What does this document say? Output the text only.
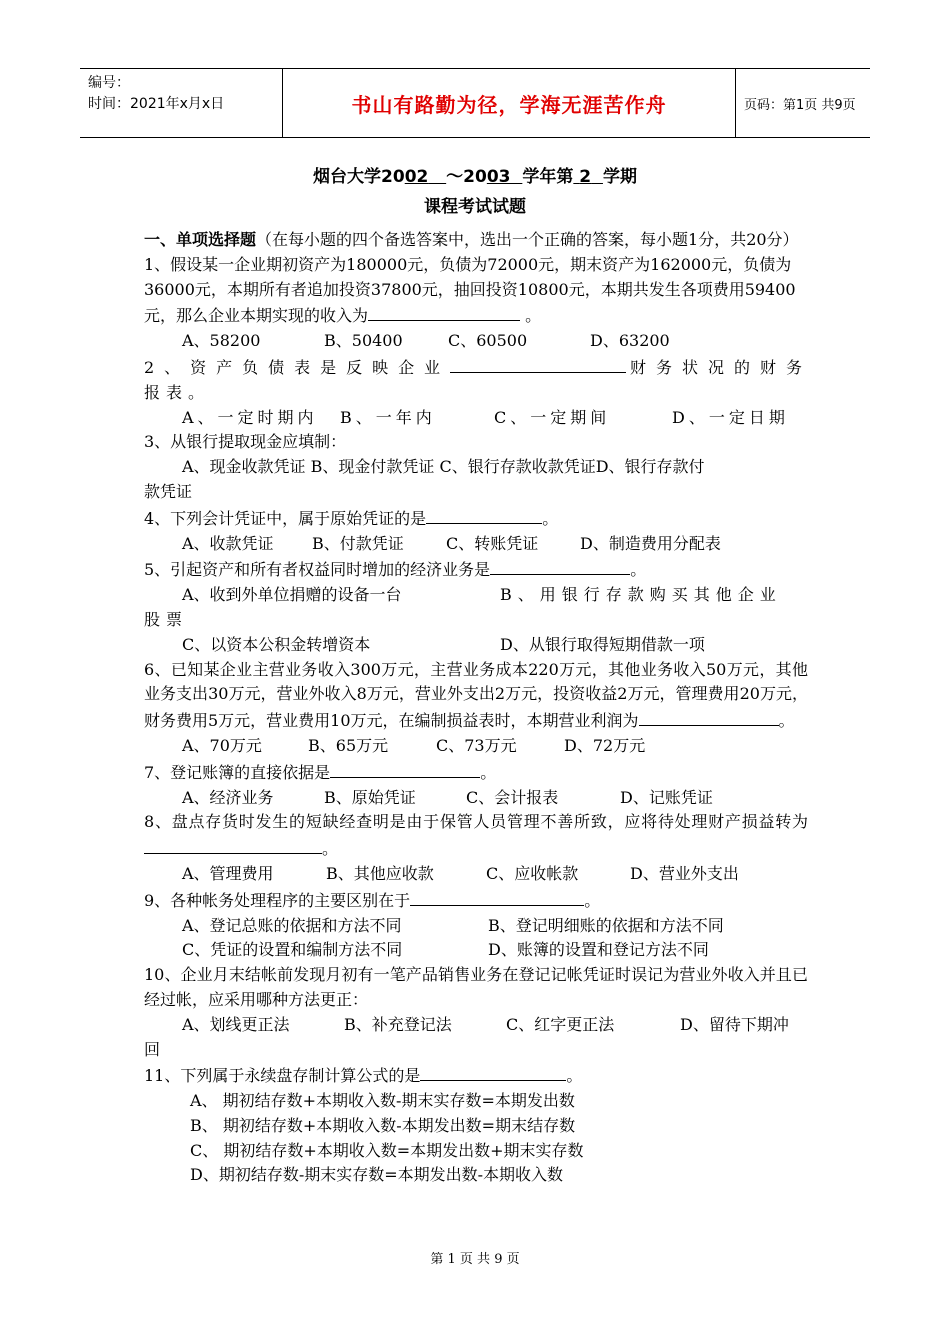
编号：
时间：2021年x月x日	书山有路勤为径，学海无涯苦作舟	页码：第1页 共9页
烟台大学2002 ～2003 学年第 2 学期
课程考试试题

一、单项选择题（在每小题的四个备选答案中，选出一个正确的答案，每小题1分，共20分）

1、假设某一企业期初资产为180000元，负债为72000元，期末资产为162000元，负债为36000元，本期所有者追加投资37800元，抽回投资10800元，本期共发生各项费用59400元，那么企业本期实现的收入为	。

A、58200	B、50400	C、60500	D、63200

2、资产负债表是反映企业	财务状况的财务

报表。

A、一定时期内 B、一年内	C、一定期间	D、一定日期

3、从银行提取现金应填制：

A、现金收款凭证 B、现金付款凭证 C、银行存款收款凭证D、银行存款付

款凭证

4、下列会计凭证中，属于原始凭证的是	。

A、收款凭证 B、付款凭证	C、转账凭证	D、制造费用分配表

5、引起资产和所有者权益同时增加的经济业务是	。

A、收到外单位捐赠的设备一台	B、用银行存款购买其他企业

股票

C、以资本公积金转增资本	D、从银行取得短期借款一项

6、已知某企业主营业务收入300万元，主营业务成本220万元，其他业务收入50万元，其他业务支出30万元，营业外收入8万元，营业外支出2万元，投资收益2万元，管理费用20万元，财务费用5万元，营业费用10万元，在编制损益表时，本期营业利润为	。

A、70万元	B、65万元	C、73万元	D、72万元

7、登记账簿的直接依据是	。

A、经济业务	B、原始凭证	C、会计报表	D、记账凭证

8、盘点存货时发生的短缺经查明是由于保管人员管理不善所致，应将待处理财产损益转为。

A、管理费用	B、其他应收款	C、应收帐款	D、营业外支出

9、各种帐务处理程序的主要区别在于	。

A、登记总账的依据和方法不同	B、登记明细账的依据和方法不同

C、凭证的设置和编制方法不同	D、账簿的设置和登记方法不同

10、企业月末结帐前发现月初有一笔产品销售业务在登记记帐凭证时误记为营业外收入并且已经过帐，应采用哪种方法更正：

A、划线更正法	B、补充登记法	C、红字更正法	D、留待下期冲

回

11、下列属于永续盘存制计算公式的是	。

A、 期初结存数+本期收入数-期末实存数=本期发出数

B、 期初结存数+本期收入数-本期发出数=期末结存数

C、 期初结存数+本期收入数=本期发出数+期末实存数

D、期初结存数-期末实存数=本期发出数-本期收入数

第 1 页 共 9 页
